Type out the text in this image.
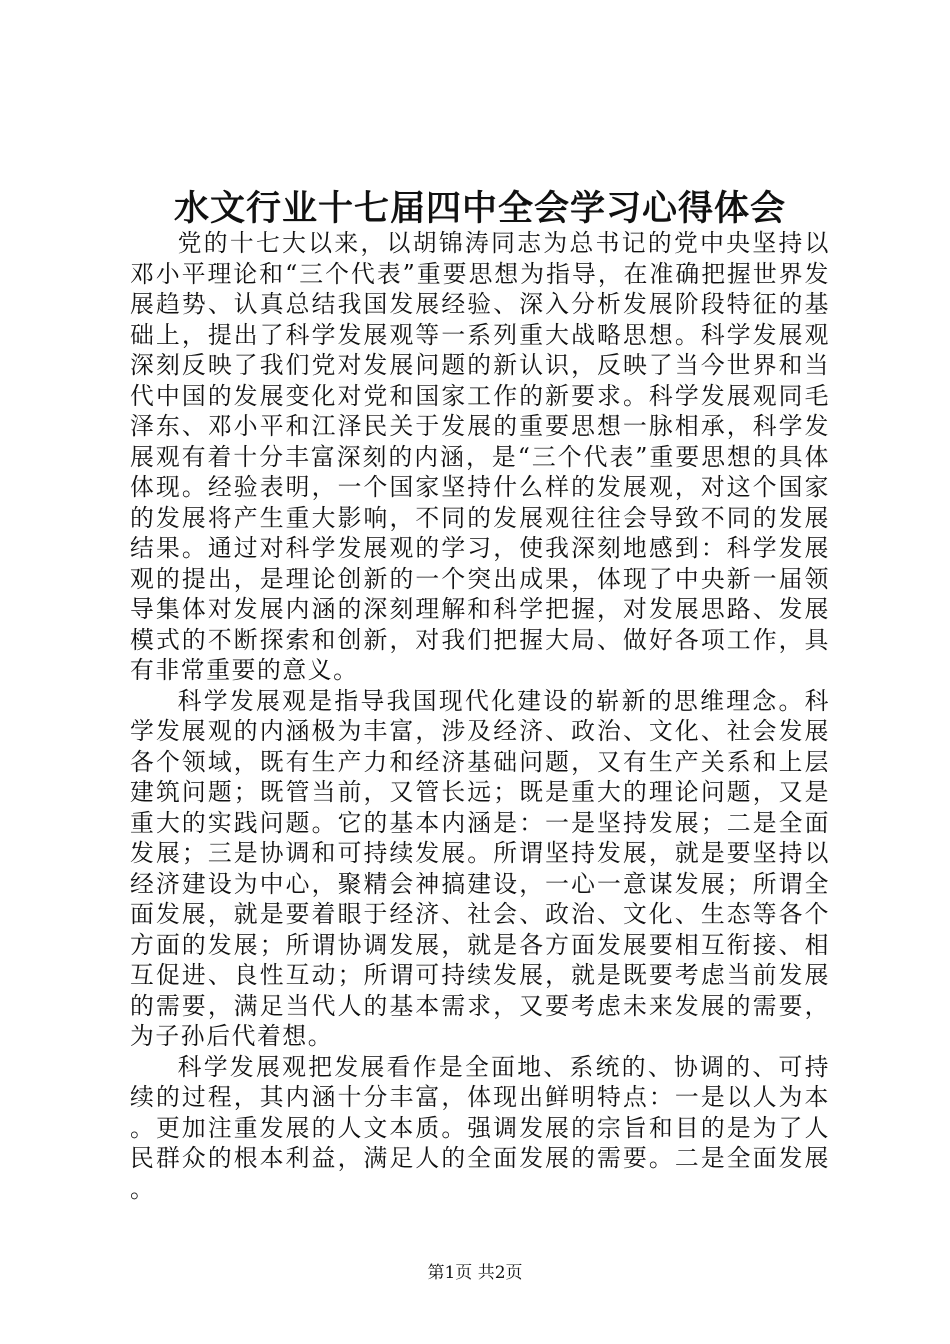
水文行业十七届四中全会学习心得体会

党的十七大以来，以胡锦涛同志为总书记的党中央坚持以邓小平理论和“三个代表”重要思想为指导，在准确把握世界发展趋势、认真总结我国发展经验、深入分析发展阶段特征的基础上，提出了科学发展观等一系列重大战略思想。科学发展观深刻反映了我们党对发展问题的新认识，反映了当今世界和当代中国的发展变化对党和国家工作的新要求。科学发展观同毛泽东、邓小平和江泽民关于发展的重要思想一脉相承，科学发展观有着十分丰富深刻的内涵，是“三个代表”重要思想的具体体现。经验表明，一个国家坚持什么样的发展观，对这个国家的发展将产生重大影响，不同的发展观往往会导致不同的发展结果。通过对科学发展观的学习，使我深刻地感到：科学发展观的提出，是理论创新的一个突出成果，体现了中央新一届领导集体对发展内涵的深刻理解和科学把握，对发展思路、发展模式的不断探索和创新，对我们把握大局、做好各项工作，具有非常重要的意义。

科学发展观是指导我国现代化建设的崭新的思维理念。科学发展观的内涵极为丰富，涉及经济、政治、文化、社会发展各个领域，既有生产力和经济基础问题，又有生产关系和上层建筑问题；既管当前，又管长远；既是重大的理论问题，又是重大的实践问题。它的基本内涵是：一是坚持发展；二是全面发展；三是协调和可持续发展。所谓坚持发展，就是要坚持以经济建设为中心，聚精会神搞建设，一心一意谋发展；所谓全面发展，就是要着眼于经济、社会、政治、文化、生态等各个方面的发展；所谓协调发展，就是各方面发展要相互衔接、相互促进、良性互动；所谓可持续发展，就是既要考虑当前发展的需要，满足当代人的基本需求，又要考虑未来发展的需要，为子孙后代着想。

科学发展观把发展看作是全面地、系统的、协调的、可持续的过程，其内涵十分丰富，体现出鲜明特点：一是以人为本。更加注重发展的人文本质。强调发展的宗旨和目的是为了人民群众的根本利益，满足人的全面发展的需要。二是全面发展。

第1页 共2页
